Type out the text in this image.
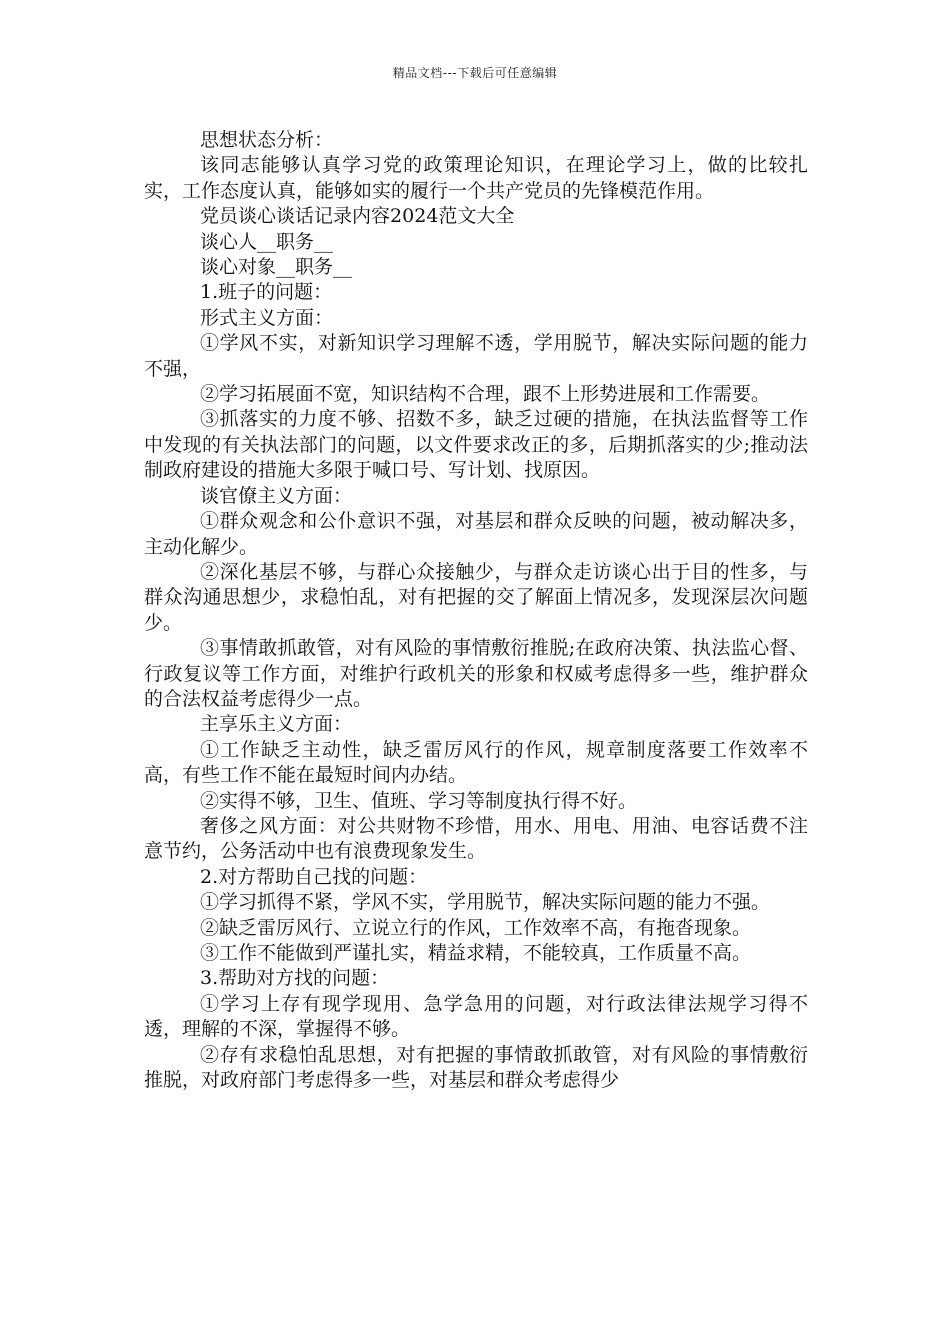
精品文档---下载后可任意编辑

思想状态分析：

该同志能够认真学习党的政策理论知识，在理论学习上，做的比较扎实，工作态度认真，能够如实的履行一个共产党员的先锋模范作用。

党员谈心谈话记录内容2024范文大全

谈心人__职务__

谈心对象__职务__

1.班子的问题：

形式主义方面：

①学风不实，对新知识学习理解不透，学用脱节，解决实际问题的能力不强，

②学习拓展面不宽，知识结构不合理，跟不上形势进展和工作需要。

③抓落实的力度不够、招数不多，缺乏过硬的措施，在执法监督等工作中发现的有关执法部门的问题，以文件要求改正的多，后期抓落实的少;推动法制政府建设的措施大多限于喊口号、写计划、找原因。

谈官僚主义方面：

①群众观念和公仆意识不强，对基层和群众反映的问题，被动解决多，主动化解少。

②深化基层不够，与群心众接触少，与群众走访谈心出于目的性多，与群众沟通思想少，求稳怕乱，对有把握的交了解面上情况多，发现深层次问题少。

③事情敢抓敢管，对有风险的事情敷衍推脱;在政府决策、执法监心督、行政复议等工作方面，对维护行政机关的形象和权威考虑得多一些，维护群众的合法权益考虑得少一点。

主享乐主义方面：

①工作缺乏主动性，缺乏雷厉风行的作风，规章制度落要工作效率不高，有些工作不能在最短时间内办结。

②实得不够，卫生、值班、学习等制度执行得不好。

奢侈之风方面：对公共财物不珍惜，用水、用电、用油、电容话费不注意节约，公务活动中也有浪费现象发生。

2.对方帮助自己找的问题：

①学习抓得不紧，学风不实，学用脱节，解决实际问题的能力不强。

②缺乏雷厉风行、立说立行的作风，工作效率不高，有拖沓现象。

③工作不能做到严谨扎实，精益求精，不能较真，工作质量不高。

3.帮助对方找的问题：

①学习上存有现学现用、急学急用的问题，对行政法律法规学习得不透，理解的不深，掌握得不够。

②存有求稳怕乱思想，对有把握的事情敢抓敢管，对有风险的事情敷衍推脱，对政府部门考虑得多一些，对基层和群众考虑得少
